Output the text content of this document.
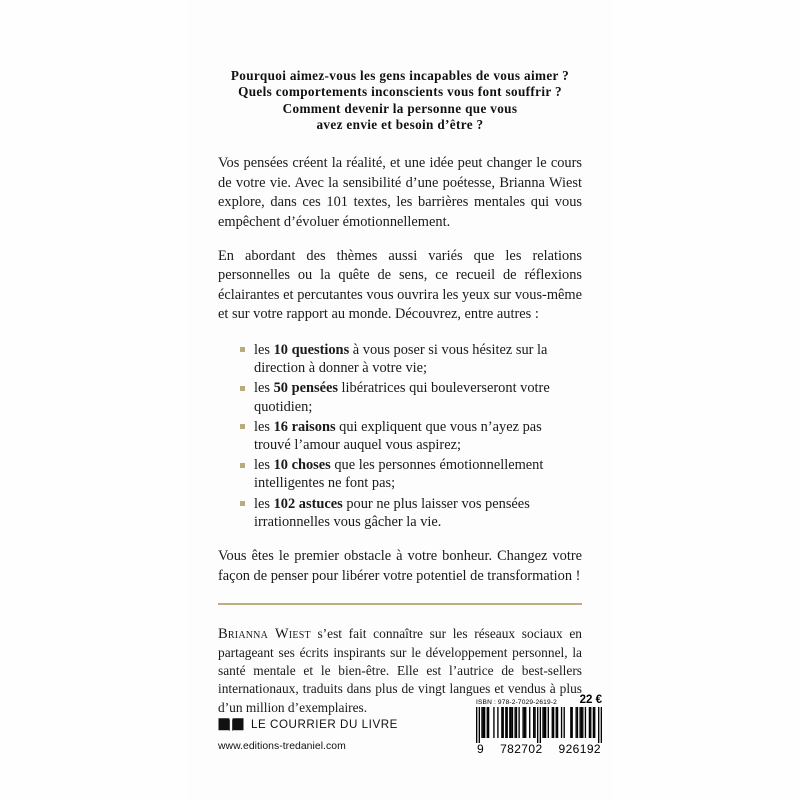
Pourquoi aimez-vous les gens incapables de vous aimer ?
Quels comportements inconscients vous font souffrir ?
Comment devenir la personne que vous
avez envie et besoin d’être ?

Vos pensées créent la réalité, et une idée peut changer le cours de votre vie. Avec la sensibilité d’une poétesse, Brianna Wiest explore, dans ces 101 textes, les barrières mentales qui vous empêchent d’évoluer émotionnellement.

En abordant des thèmes aussi variés que les relations personnelles ou la quête de sens, ce recueil de réflexions éclairantes et percutantes vous ouvrira les yeux sur vous-même et sur votre rapport au monde. Découvrez, entre autres :

les 10 questions à vous poser si vous hésitez sur la direction à donner à votre vie;
les 50 pensées libératrices qui bouleverseront votre quotidien;
les 16 raisons qui expliquent que vous n’ayez pas trouvé l’amour auquel vous aspirez;
les 10 choses que les personnes émotionnellement intelligentes ne font pas;
les 102 astuces pour ne plus laisser vos pensées irrationnelles vous gâcher la vie.

Vous êtes le premier obstacle à votre bonheur. Changez votre façon de penser pour libérer votre potentiel de transformation !

Brianna Wiest s’est fait connaître sur les réseaux sociaux en partageant ses écrits inspirants sur le développement personnel, la santé mentale et le bien-être. Elle est l’autrice de best-sellers internationaux, traduits dans plus de vingt langues et vendus à plus d’un million d’exemplaires.

LE COURRIER DU LIVRE
www.editions-tredaniel.com
ISBN : 978-2-7029-2619-2	22 €
9 782702 926192
